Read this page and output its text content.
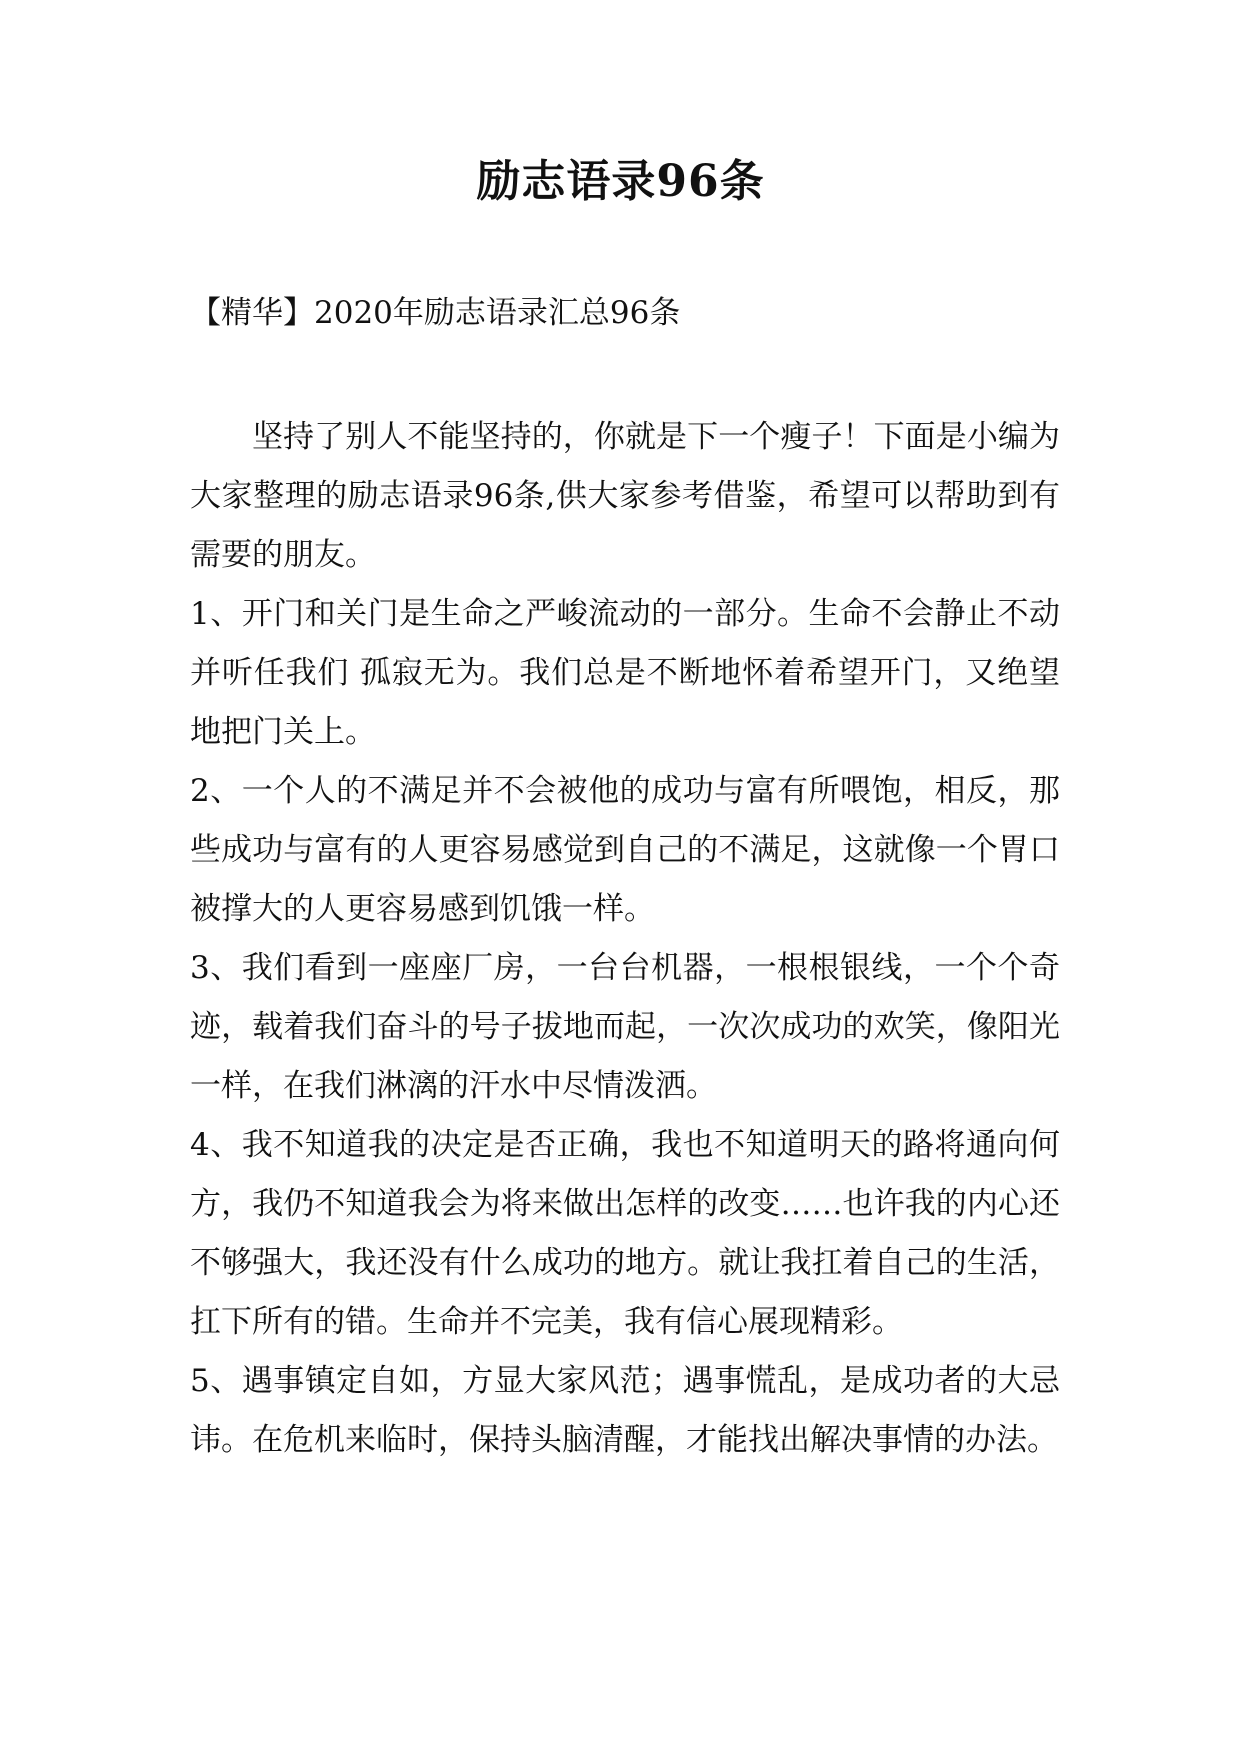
励志语录96条
【精华】2020年励志语录汇总96条

坚持了别人不能坚持的，你就是下一个瘦子！下面是小编为大家整理的励志语录96条,供大家参考借鉴，希望可以帮助到有需要的朋友。

1、开门和关门是生命之严峻流动的一部分。生命不会静止不动并听任我们 孤寂无为。我们总是不断地怀着希望开门，又绝望地把门关上。

2、一个人的不满足并不会被他的成功与富有所喂饱，相反，那些成功与富有的人更容易感觉到自己的不满足，这就像一个胃口被撑大的人更容易感到饥饿一样。

3、我们看到一座座厂房，一台台机器，一根根银线，一个个奇迹，载着我们奋斗的号子拔地而起，一次次成功的欢笑，像阳光一样，在我们淋漓的汗水中尽情泼洒。

4、我不知道我的决定是否正确，我也不知道明天的路将通向何方，我仍不知道我会为将来做出怎样的改变……也许我的内心还不够强大，我还没有什么成功的地方。就让我扛着自己的生活，扛下所有的错。生命并不完美，我有信心展现精彩。

5、遇事镇定自如，方显大家风范；遇事慌乱，是成功者的大忌讳。在危机来临时，保持头脑清醒，才能找出解决事情的办法。
